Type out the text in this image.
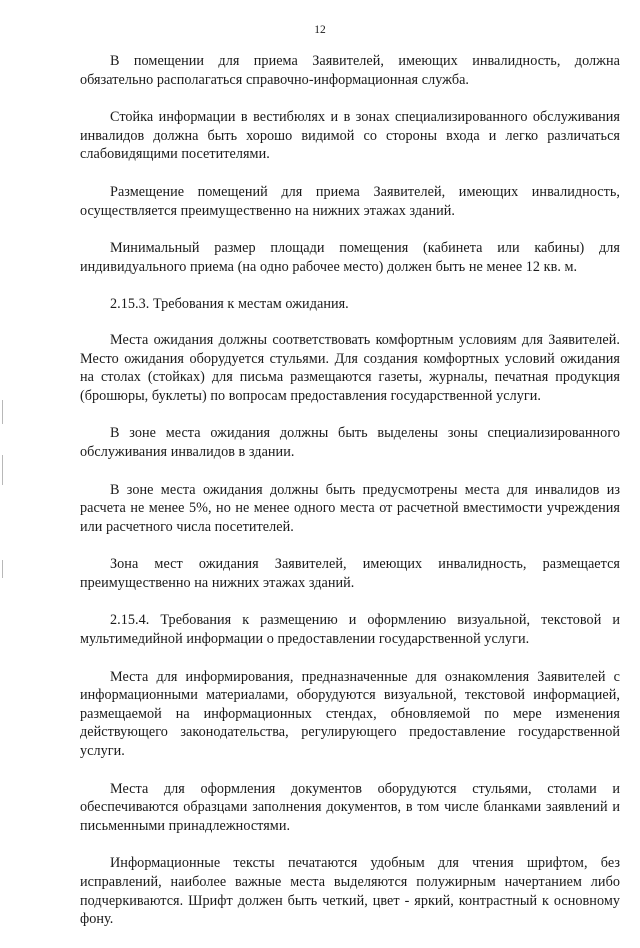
12

В помещении для приема Заявителей, имеющих инвалидность, должна обязательно располагаться справочно-информационная служба.

Стойка информации в вестибюлях и в зонах специализированного обслуживания инвалидов должна быть хорошо видимой со стороны входа и легко различаться слабовидящими посетителями.

Размещение помещений для приема Заявителей, имеющих инвалидность, осуществляется преимущественно на нижних этажах зданий.

Минимальный размер площади помещения (кабинета или кабины) для индивидуального приема (на одно рабочее место) должен быть не менее 12 кв. м.

2.15.3. Требования к местам ожидания.

Места ожидания должны соответствовать комфортным условиям для Заявителей. Место ожидания оборудуется стульями. Для создания комфортных условий ожидания на столах (стойках) для письма размещаются газеты, журналы, печатная продукция (брошюры, буклеты) по вопросам предоставления государственной услуги.

В зоне места ожидания должны быть выделены зоны специализированного обслуживания инвалидов в здании.

В зоне места ожидания должны быть предусмотрены места для инвалидов из расчета не менее 5%, но не менее одного места от расчетной вместимости учреждения или расчетного числа посетителей.

Зона мест ожидания Заявителей, имеющих инвалидность, размещается преимущественно на нижних этажах зданий.

2.15.4. Требования к размещению и оформлению визуальной, текстовой и мультимедийной информации о предоставлении государственной услуги.

Места для информирования, предназначенные для ознакомления Заявителей с информационными материалами, оборудуются визуальной, текстовой информацией, размещаемой на информационных стендах, обновляемой по мере изменения действующего законодательства, регулирующего предоставление государственной услуги.

Места для оформления документов оборудуются стульями, столами и обеспечиваются образцами заполнения документов, в том числе бланками заявлений и письменными принадлежностями.

Информационные тексты печатаются удобным для чтения шрифтом, без исправлений, наиболее важные места выделяются полужирным начертанием либо подчеркиваются. Шрифт должен быть четкий, цвет - яркий, контрастный к основному фону.
